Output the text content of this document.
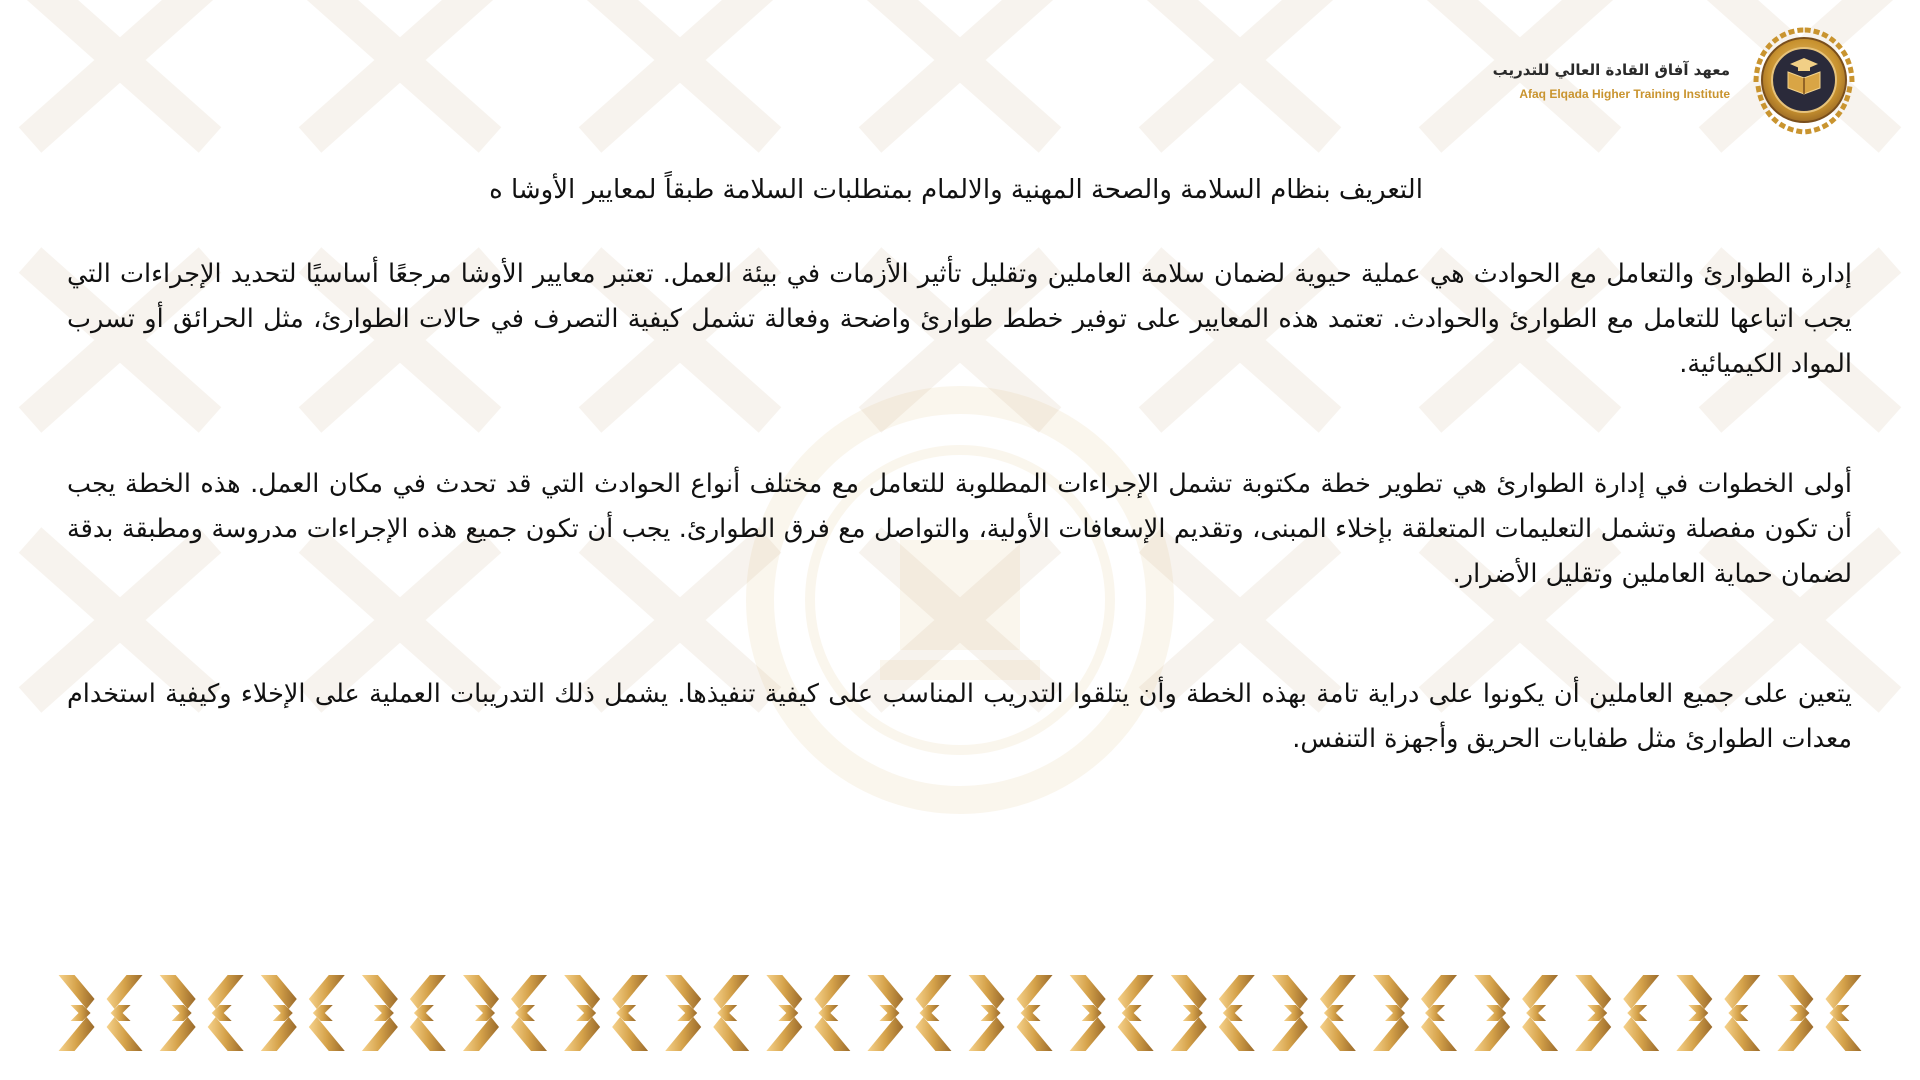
معهد آفاق القادة العالي للتدريب
Afaq Elqada Higher Training Institute
التعريف بنظام السلامة والصحة المهنية والالمام بمتطلبات السلامة طبقاً لمعايير الأوشا ه

إدارة الطوارئ والتعامل مع الحوادث هي عملية حيوية لضمان سلامة العاملين وتقليل تأثير الأزمات في بيئة العمل. تعتبر معايير الأوشا مرجعًا أساسيًا لتحديد الإجراءات التي يجب اتباعها للتعامل مع الطوارئ والحوادث. تعتمد هذه المعايير على توفير خطط طوارئ واضحة وفعالة تشمل كيفية التصرف في حالات الطوارئ، مثل الحرائق أو تسرب المواد الكيميائية.

أولى الخطوات في إدارة الطوارئ هي تطوير خطة مكتوبة تشمل الإجراءات المطلوبة للتعامل مع مختلف أنواع الحوادث التي قد تحدث في مكان العمل. هذه الخطة يجب أن تكون مفصلة وتشمل التعليمات المتعلقة بإخلاء المبنى، وتقديم الإسعافات الأولية، والتواصل مع فرق الطوارئ. يجب أن تكون جميع هذه الإجراءات مدروسة ومطبقة بدقة لضمان حماية العاملين وتقليل الأضرار.

يتعين على جميع العاملين أن يكونوا على دراية تامة بهذه الخطة وأن يتلقوا التدريب المناسب على كيفية تنفيذها. يشمل ذلك التدريبات العملية على الإخلاء وكيفية استخدام معدات الطوارئ مثل طفايات الحريق وأجهزة التنفس.
